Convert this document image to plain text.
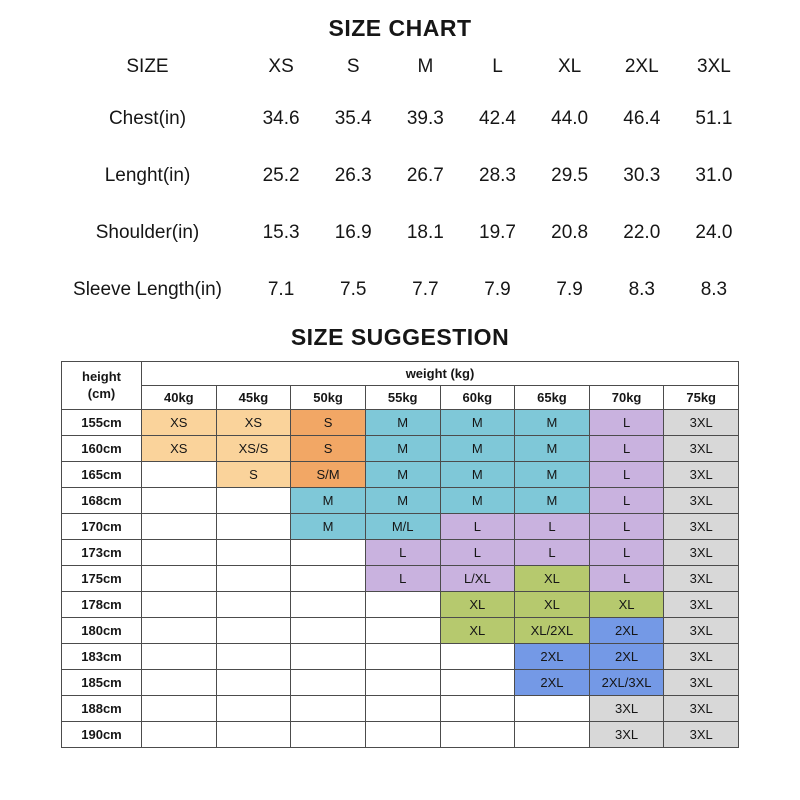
SIZE CHART
SIZE	XS	S	M	L	XL	2XL	3XL
Chest(in)	34.6	35.4	39.3	42.4	44.0	46.4	51.1
Lenght(in)	25.2	26.3	26.7	28.3	29.5	30.3	31.0
Shoulder(in)	15.3	16.9	18.1	19.7	20.8	22.0	24.0
Sleeve Length(in)	7.1	7.5	7.7	7.9	7.9	8.3	8.3
SIZE SUGGESTION
height
(cm)	weight (kg)							
	40kg	45kg	50kg	55kg	60kg	65kg	70kg	75kg
155cm	XS	XS	S	M	M	M	L	3XL
160cm	XS	XS/S	S	M	M	M	L	3XL
165cm		S	S/M	M	M	M	L	3XL
168cm			M	M	M	M	L	3XL
170cm			M	M/L	L	L	L	3XL
173cm				L	L	L	L	3XL
175cm				L	L/XL	XL	L	3XL
178cm					XL	XL	XL	3XL
180cm					XL	XL/2XL	2XL	3XL
183cm						2XL	2XL	3XL
185cm						2XL	2XL/3XL	3XL
188cm							3XL	3XL
190cm							3XL	3XL
